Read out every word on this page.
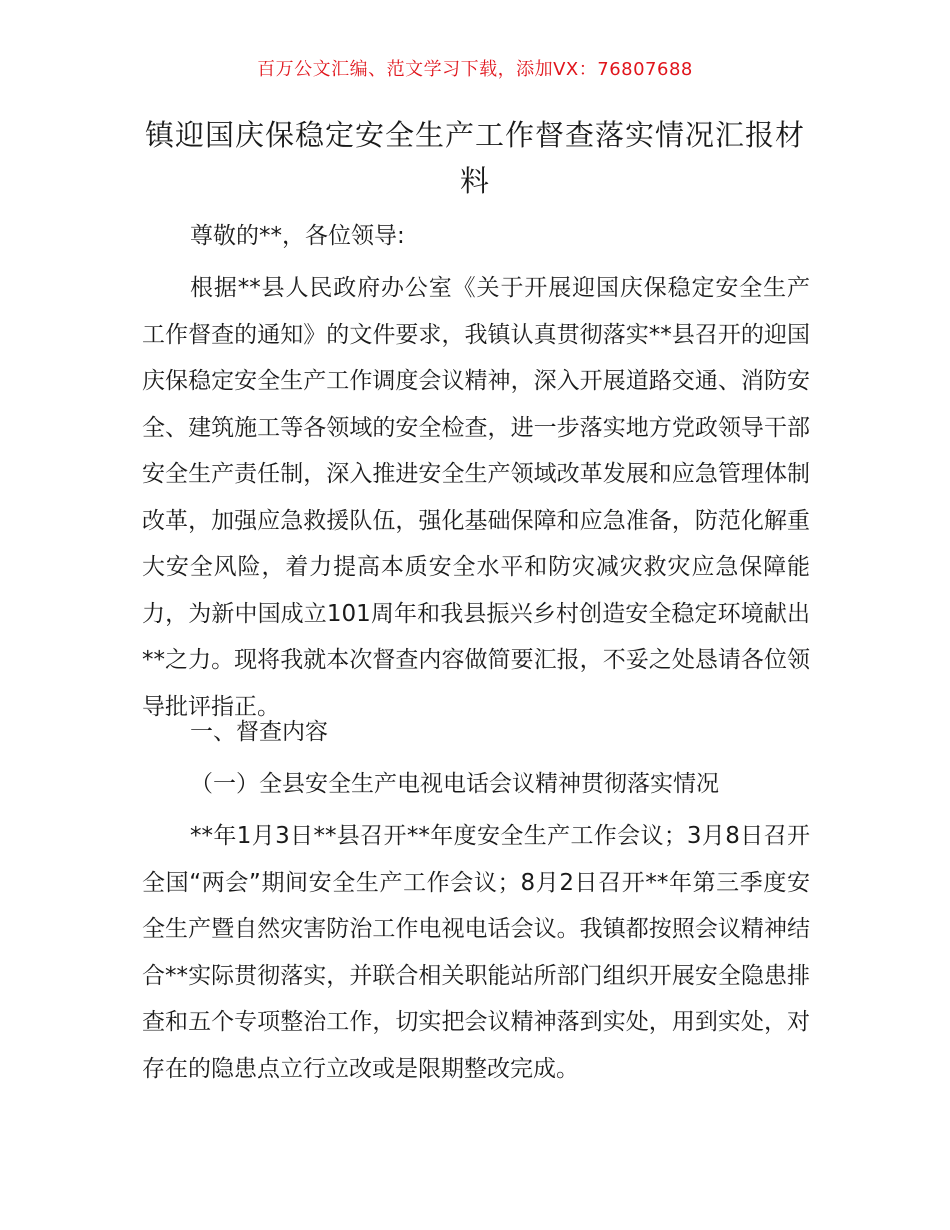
百万公文汇编、范文学习下载，添加VX：76807688
镇迎国庆保稳定安全生产工作督查落实情况汇报材料

尊敬的**，各位领导:

根据**县人民政府办公室《关于开展迎国庆保稳定安全生产工作督查的通知》的文件要求，我镇认真贯彻落实**县召开的迎国庆保稳定安全生产工作调度会议精神，深入开展道路交通、消防安全、建筑施工等各领域的安全检查，进一步落实地方党政领导干部安全生产责任制，深入推进安全生产领域改革发展和应急管理体制改革，加强应急救援队伍，强化基础保障和应急准备，防范化解重大安全风险，着力提高本质安全水平和防灾减灾救灾应急保障能力，为新中国成立101周年和我县振兴乡村创造安全稳定环境献出**之力。现将我就本次督查内容做简要汇报，不妥之处恳请各位领导批评指正。

一、督查内容

（一）全县安全生产电视电话会议精神贯彻落实情况

**年1月3日**县召开**年度安全生产工作会议；3月8日召开全国“两会”期间安全生产工作会议；8月2日召开**年第三季度安全生产暨自然灾害防治工作电视电话会议。我镇都按照会议精神结合**实际贯彻落实，并联合相关职能站所部门组织开展安全隐患排查和五个专项整治工作，切实把会议精神落到实处，用到实处，对存在的隐患点立行立改或是限期整改完成。
